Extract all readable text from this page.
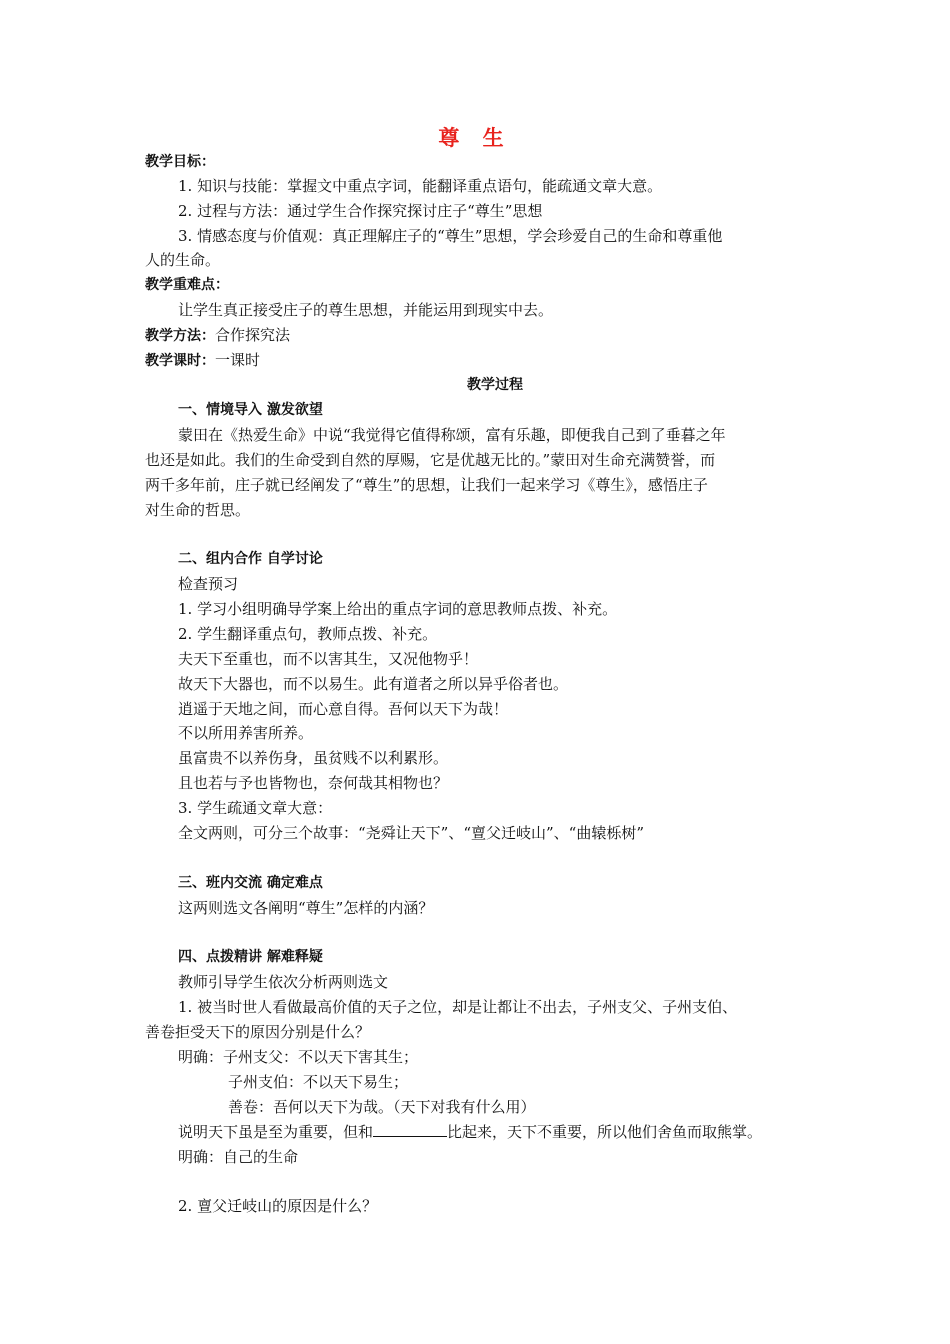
尊 生
教学目标：
1. 知识与技能：掌握文中重点字词，能翻译重点语句，能疏通文章大意。
2. 过程与方法：通过学生合作探究探讨庄子“尊生”思想
3. 情感态度与价值观：真正理解庄子的“尊生”思想，学会珍爱自己的生命和尊重他
人的生命。
教学重难点：
让学生真正接受庄子的尊生思想，并能运用到现实中去。
教学方法：合作探究法
教学课时：一课时
教学过程
一、情境导入 激发欲望
蒙田在《热爱生命》中说“我觉得它值得称颂，富有乐趣，即便我自己到了垂暮之年
也还是如此。我们的生命受到自然的厚赐，它是优越无比的。”蒙田对生命充满赞誉，而
两千多年前，庄子就已经阐发了“尊生”的思想，让我们一起来学习《尊生》，感悟庄子
对生命的哲思。
二、组内合作 自学讨论
检查预习
1. 学习小组明确导学案上给出的重点字词的意思教师点拨、补充。
2. 学生翻译重点句，教师点拨、补充。
夫天下至重也，而不以害其生，又况他物乎！
故天下大器也，而不以易生。此有道者之所以异乎俗者也。
逍遥于天地之间，而心意自得。吾何以天下为哉！
不以所用养害所养。
虽富贵不以养伤身，虽贫贱不以利累形。
且也若与予也皆物也，奈何哉其相物也？
3. 学生疏通文章大意：
全文两则，可分三个故事：“尧舜让天下”、“亶父迁岐山”、“曲辕栎树”
三、班内交流 确定难点
这两则选文各阐明“尊生”怎样的内涵？
四、点拨精讲 解难释疑
教师引导学生依次分析两则选文
1. 被当时世人看做最高价值的天子之位，却是让都让不出去，子州支父、子州支伯、
善卷拒受天下的原因分别是什么？
明确：子州支父：不以天下害其生；
子州支伯：不以天下易生；
善卷：吾何以天下为哉。（天下对我有什么用）
说明天下虽是至为重要，但和	比起来，天下不重要，所以他们舍鱼而取熊掌。
明确：自己的生命
2. 亶父迁岐山的原因是什么？
